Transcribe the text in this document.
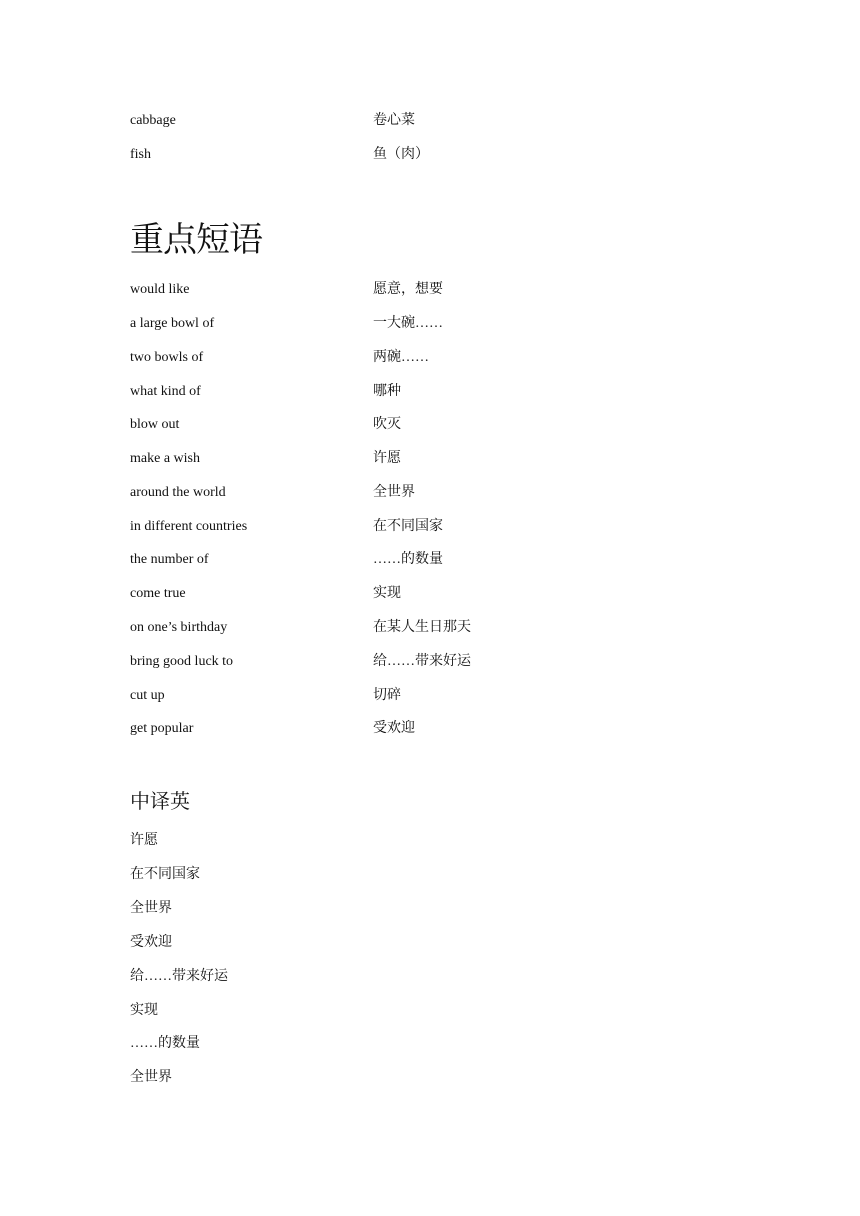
cabbage	卷心菜
fish	鱼（肉）
重点短语
would like	愿意，想要
a large bowl of	一大碗……
two bowls of	两碗……
what kind of	哪种
blow out	吹灭
make a wish	许愿
around the world	全世界
in different countries	在不同国家
the number of	……的数量
come true	实现
on one’s birthday	在某人生日那天
bring good luck to	给……带来好运
cut up	切碎
get popular	受欢迎
中译英
许愿
在不同国家
全世界
受欢迎
给……带来好运
实现
……的数量
全世界
